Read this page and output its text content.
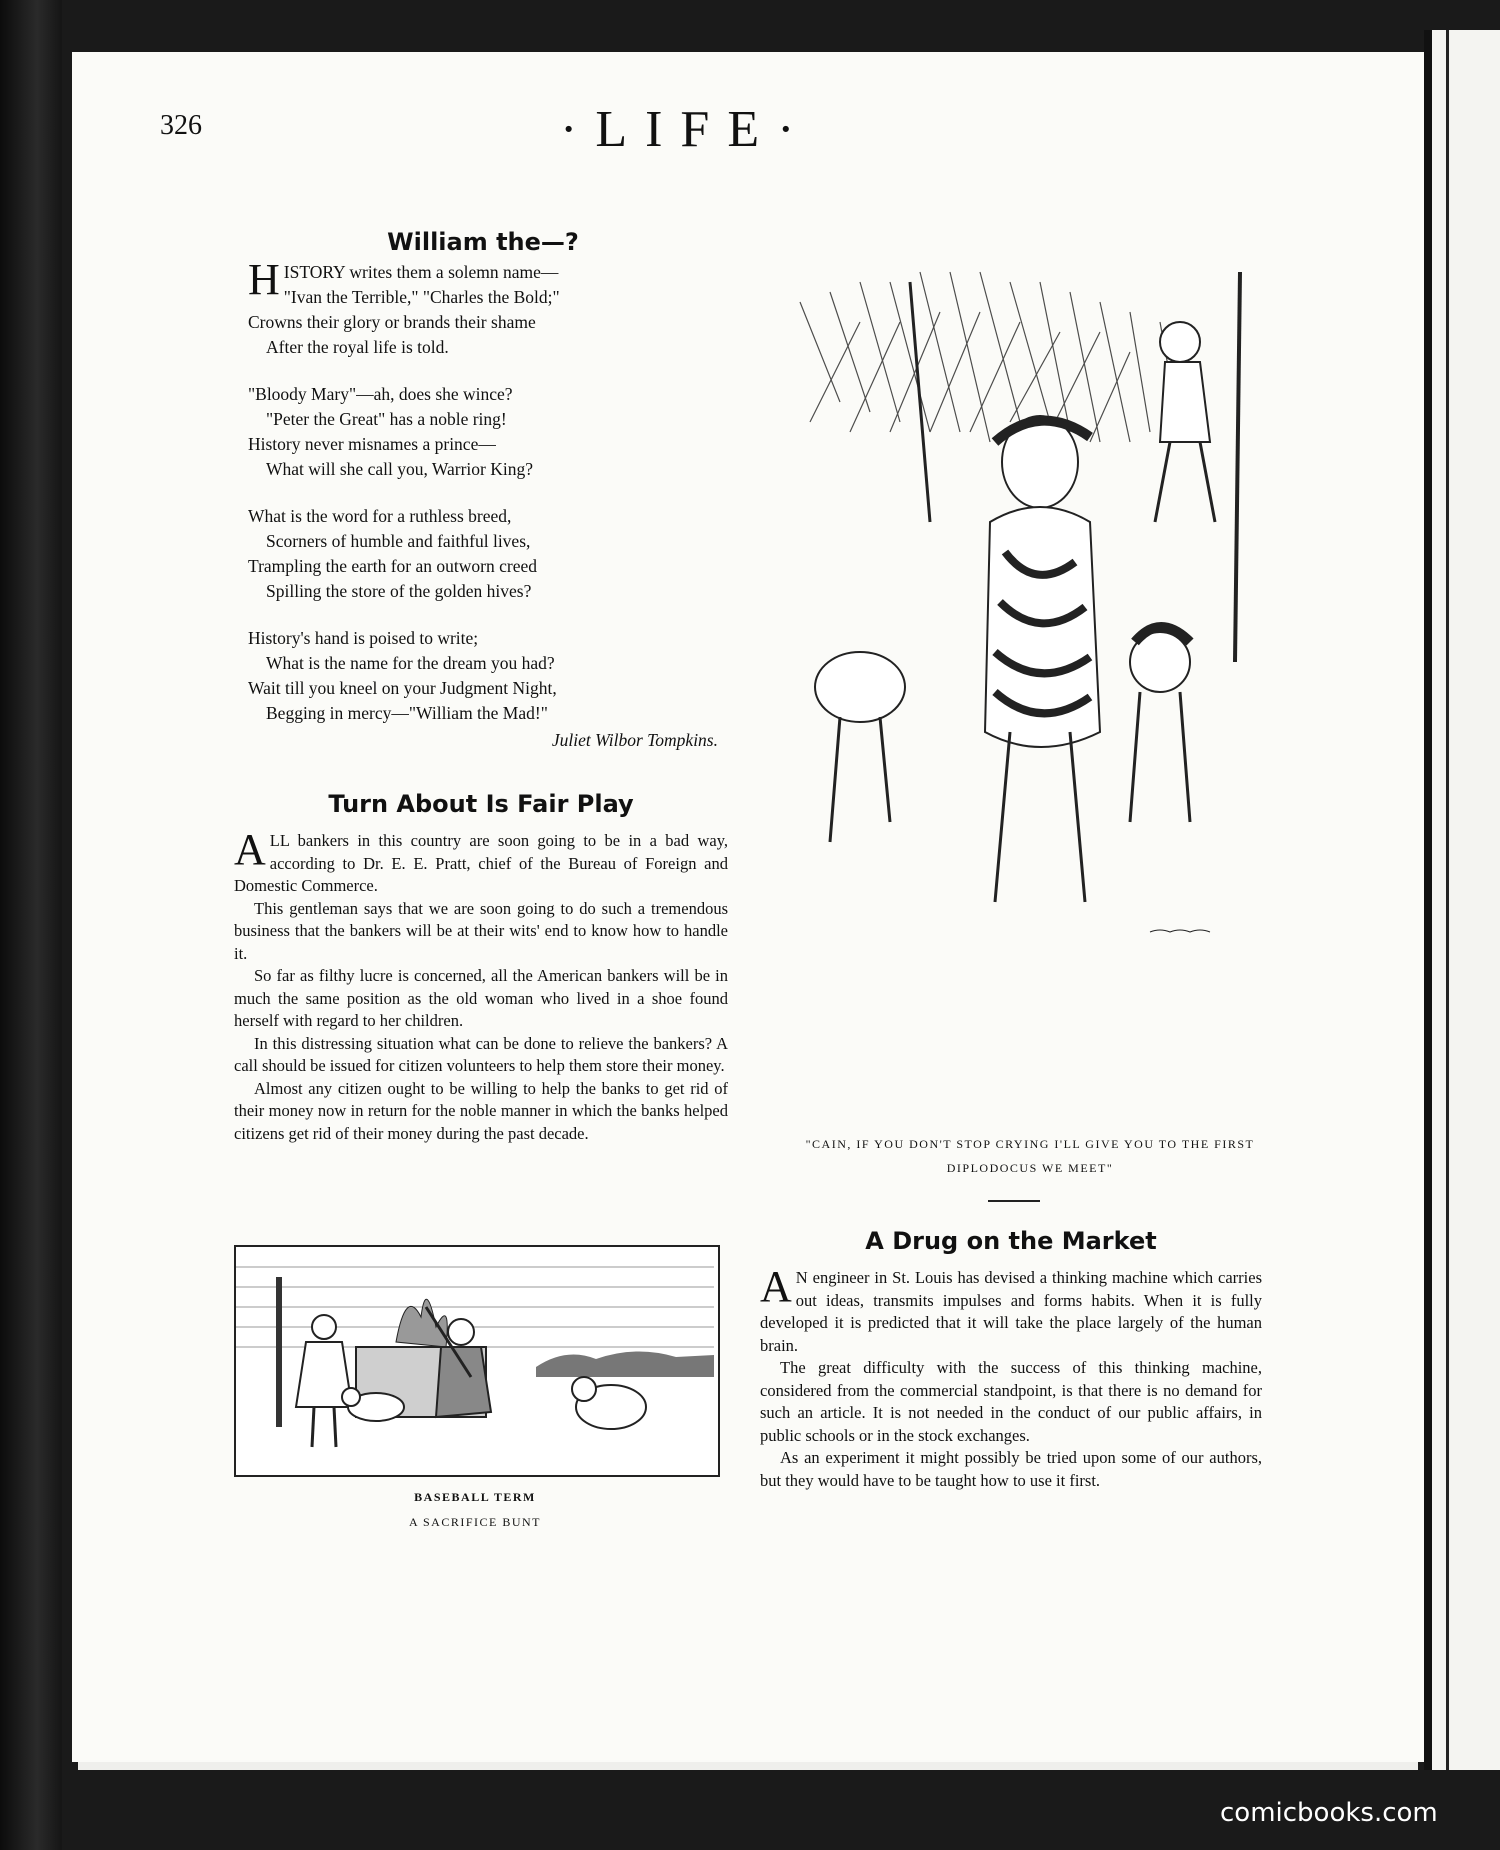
326	·LIFE·
William the—?
H ISTORY writes them a solemn name—
"Ivan the Terrible," "Charles the Bold;"
Crowns their glory or brands their shame
After the royal life is told.
"Bloody Mary"—ah, does she wince?
"Peter the Great" has a noble ring!
History never misnames a prince—
What will she call you, Warrior King?
What is the word for a ruthless breed,
Scorners of humble and faithful lives,
Trampling the earth for an outworn creed
Spilling the store of the golden hives?
History's hand is poised to write;
What is the name for the dream you had?
Wait till you kneel on your Judgment Night,
Begging in mercy—"William the Mad!"
Juliet Wilbor Tompkins.
Turn About Is Fair Play

ALL bankers in this country are soon going to be in a bad way, according to Dr. E. E. Pratt, chief of the Bureau of Foreign and Domestic Commerce.

This gentleman says that we are soon going to do such a tremendous business that the bankers will be at their wits' end to know how to handle it.

So far as filthy lucre is concerned, all the American bankers will be in much the same position as the old woman who lived in a shoe found herself with regard to her children.

In this distressing situation what can be done to relieve the bankers? A call should be issued for citizen volunteers to help them store their money.

Almost any citizen ought to be willing to help the banks to get rid of their money now in return for the noble manner in which the banks helped citizens get rid of their money during the past decade.

BASEBALL TERM
A SACRIFICE BUNT
"CAIN, IF YOU DON'T STOP CRYING I'LL GIVE YOU TO THE FIRST DIPLODOCUS WE MEET"
A Drug on the Market

A N engineer in St. Louis has devised a thinking machine which carries out ideas, transmits impulses and forms habits. When it is fully developed it is predicted that it will take the place largely of the human brain.

The great difficulty with the success of this thinking machine, considered from the commercial standpoint, is that there is no demand for such an article. It is not needed in the conduct of our public affairs, in public schools or in the stock exchanges.

As an experiment it might possibly be tried upon some of our authors, but they would have to be taught how to use it first.

comicbooks.com
